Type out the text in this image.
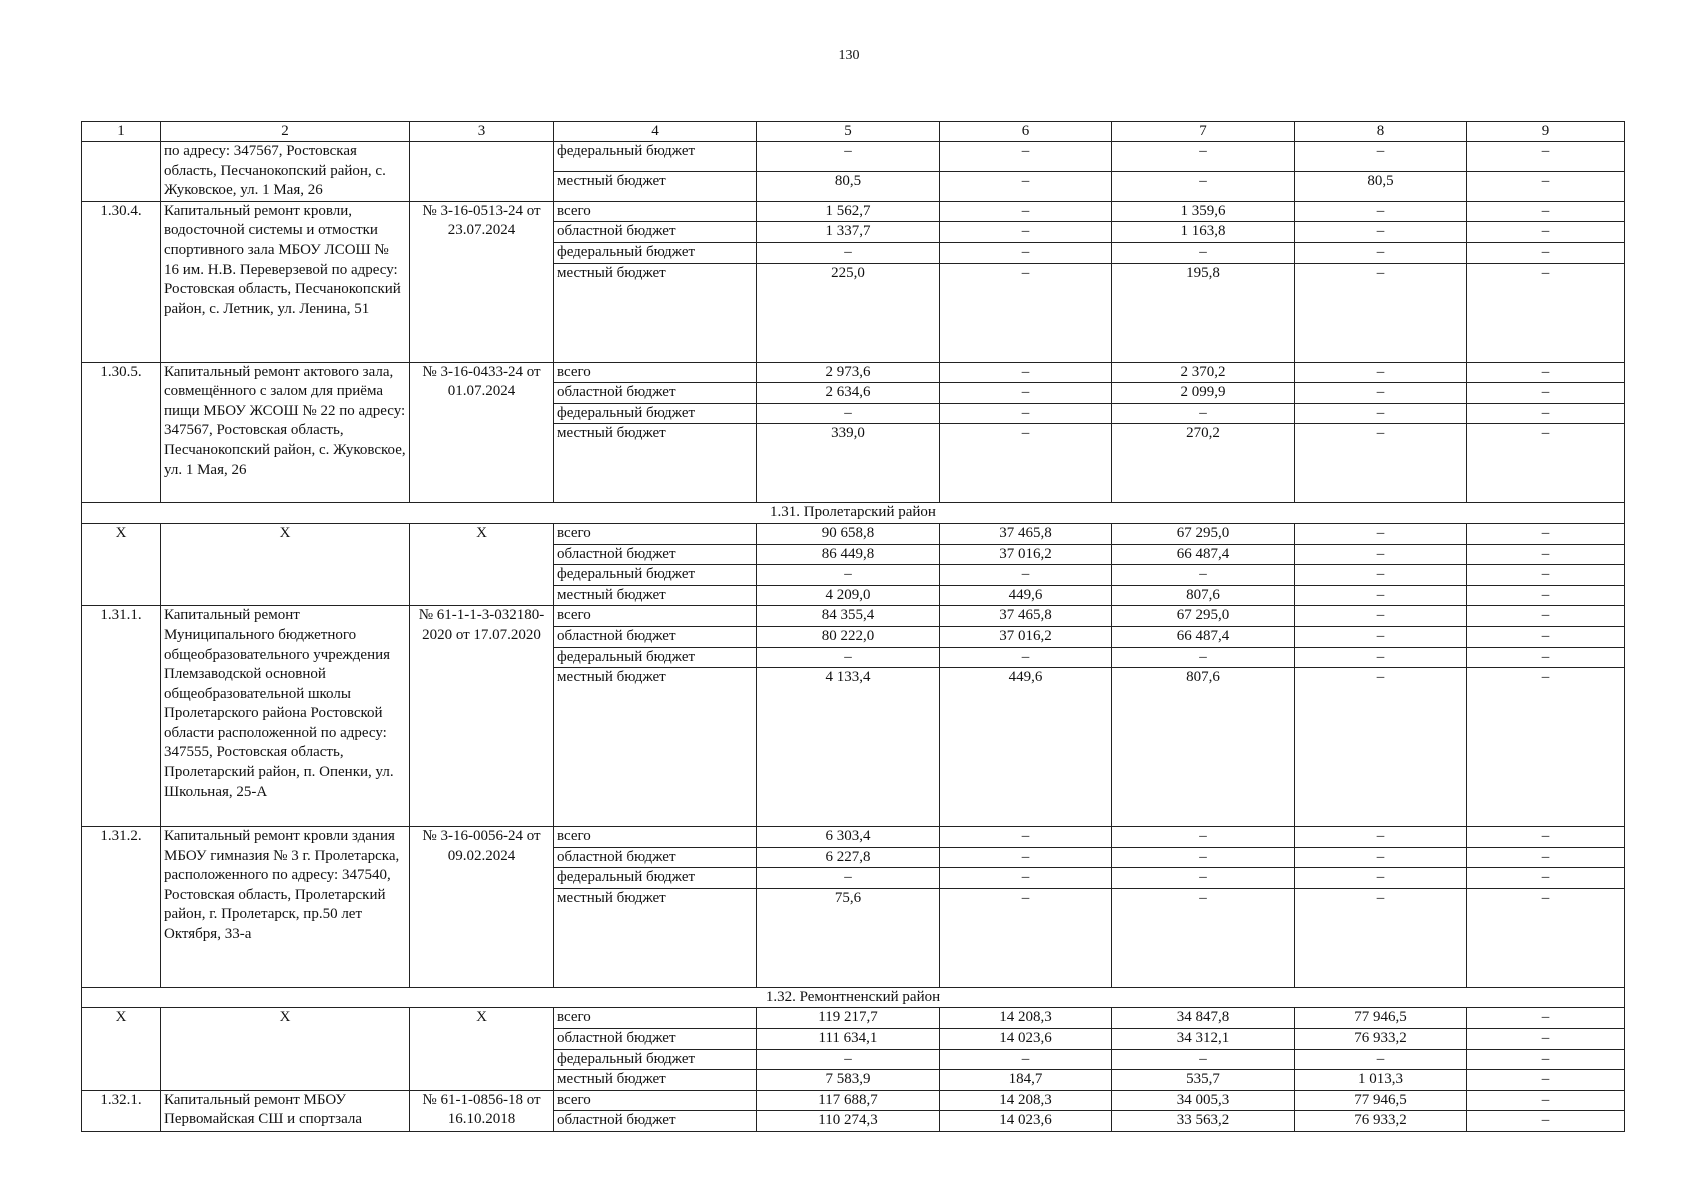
130
1	2	3	4	5	6	7	8	9
	по адресу: 347567, Ростовская область, Песчанокопский район, с. Жуковское, ул. 1 Мая, 26		федеральный бюджет	–	–	–	–	–
			местный бюджет	80,5	–	–	80,5	–
1.30.4.	Капитальный ремонт кровли, водосточной системы и отмостки спортивного зала МБОУ ЛСОШ № 16 им. Н.В. Переверзевой по адресу: Ростовская область, Песчанокопский район, с. Летник, ул. Ленина, 51	№ 3-16-0513-24 от 23.07.2024	всего	1 562,7	–	1 359,6	–	–
			областной бюджет	1 337,7	–	1 163,8	–	–
			федеральный бюджет	–	–	–	–	–
			местный бюджет	225,0	–	195,8	–	–
1.30.5.	Капитальный ремонт актового зала, совмещённого с залом для приёма пищи МБОУ ЖСОШ № 22 по адресу: 347567, Ростовская область, Песчанокопский район, с. Жуковское, ул. 1 Мая, 26	№ 3-16-0433-24 от 01.07.2024	всего	2 973,6	–	2 370,2	–	–
			областной бюджет	2 634,6	–	2 099,9	–	–
			федеральный бюджет	–	–	–	–	–
			местный бюджет	339,0	–	270,2	–	–
1.31. Пролетарский район								
Х	Х	Х	всего	90 658,8	37 465,8	67 295,0	–	–
			областной бюджет	86 449,8	37 016,2	66 487,4	–	–
			федеральный бюджет	–	–	–	–	–
			местный бюджет	4 209,0	449,6	807,6	–	–
1.31.1.	Капитальный ремонт Муниципального бюджетного общеобразовательного учреждения Племзаводской основной общеобразовательной школы Пролетарского района Ростовской области расположенной по адресу: 347555, Ростовская область, Пролетарский район, п. Опенки, ул. Школьная, 25-А	№ 61-1-1-3-032180-2020 от 17.07.2020	всего	84 355,4	37 465,8	67 295,0	–	–
			областной бюджет	80 222,0	37 016,2	66 487,4	–	–
			федеральный бюджет	–	–	–	–	–
			местный бюджет	4 133,4	449,6	807,6	–	–
1.31.2.	Капитальный ремонт кровли здания МБОУ гимназия № 3 г. Пролетарска, расположенного по адресу: 347540, Ростовская область, Пролетарский район, г. Пролетарск, пр.50 лет Октября, 33-а	№ 3-16-0056-24 от 09.02.2024	всего	6 303,4	–	–	–	–
			областной бюджет	6 227,8	–	–	–	–
			федеральный бюджет	–	–	–	–	–
			местный бюджет	75,6	–	–	–	–
1.32. Ремонтненский район								
Х	Х	Х	всего	119 217,7	14 208,3	34 847,8	77 946,5	–
			областной бюджет	111 634,1	14 023,6	34 312,1	76 933,2	–
			федеральный бюджет	–	–	–	–	–
			местный бюджет	7 583,9	184,7	535,7	1 013,3	–
1.32.1.	Капитальный ремонт МБОУ Первомайская СШ и спортзала	№ 61-1-0856-18 от 16.10.2018	всего	117 688,7	14 208,3	34 005,3	77 946,5	–
			областной бюджет	110 274,3	14 023,6	33 563,2	76 933,2	–
